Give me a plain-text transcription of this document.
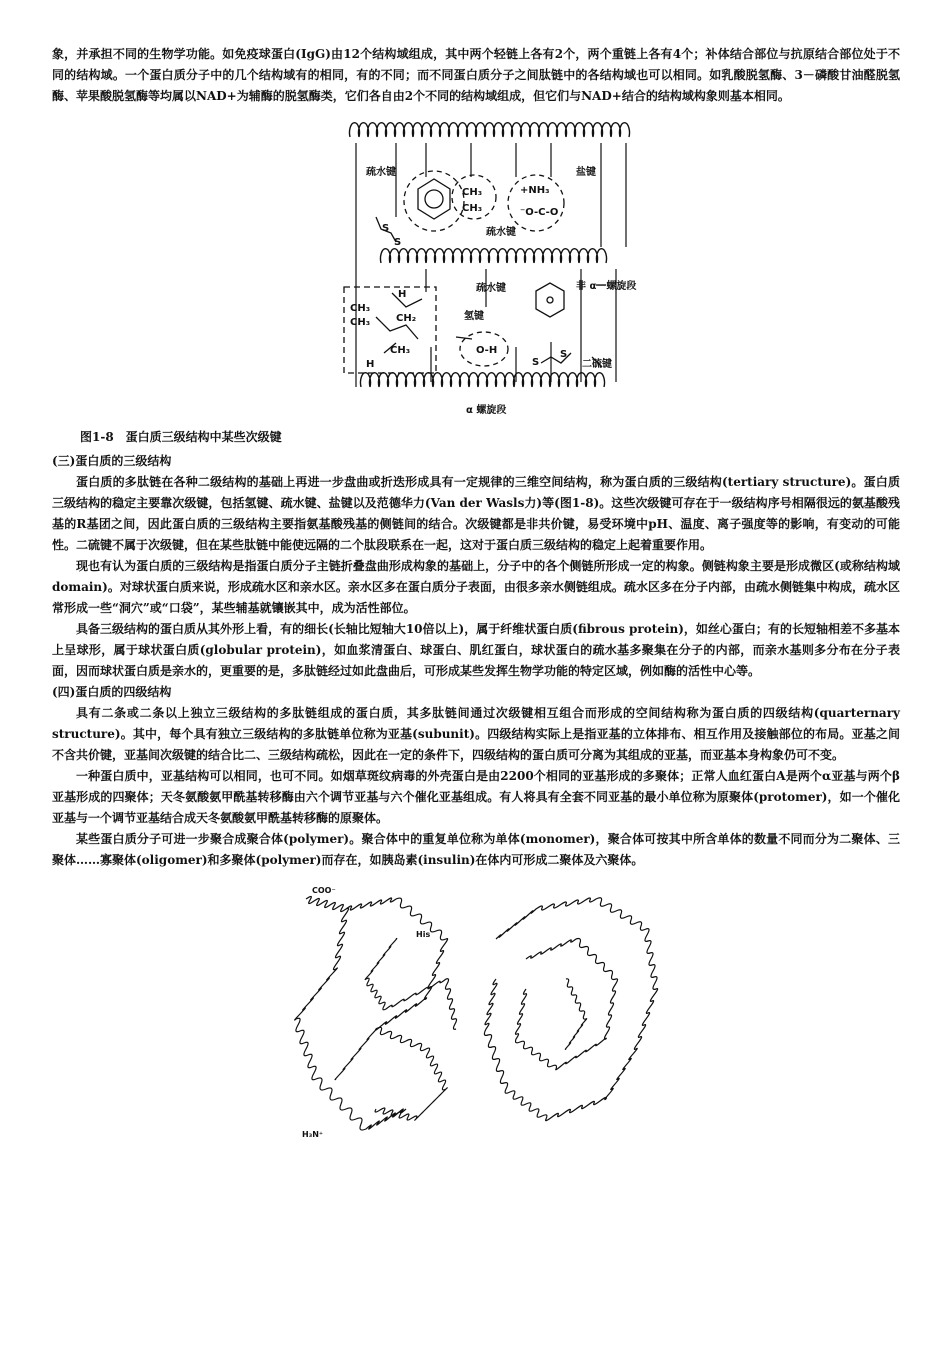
象，并承担不同的生物学功能。如免疫球蛋白(IgG)由12个结构域组成，其中两个轻链上各有2个，两个重链上各有4个；补体结合部位与抗原结合部位处于不同的结构域。一个蛋白质分子中的几个结构域有的相同，有的不同；而不同蛋白质分子之间肽链中的各结构域也可以相同。如乳酸脱氢酶、3－磷酸甘油醛脱氢酶、苹果酸脱氢酶等均属以NAD+为辅酶的脱氢酶类，它们各自由2个不同的结构域组成，但它们与NAD+结合的结构域构象则基本相同。

疏水键	盐键
CH₃
CH₃
+NH₃
⁻O-C-O
疏水键
S
S
非 α－螺旋段
疏水键
氢键
CH₃
CH₃	CH₂
H
H
CH₃	O-H
二硫键
α 螺旋段
S
S
图1-8　蛋白质三级结构中某些次级键
(三)蛋白质的三级结构

蛋白质的多肽链在各种二级结构的基础上再进一步盘曲或折迭形成具有一定规律的三维空间结构，称为蛋白质的三级结构(tertiary structure)。蛋白质三级结构的稳定主要靠次级键，包括氢键、疏水键、盐键以及范德华力(Van der Wasls力)等(图1-8)。这些次级键可存在于一级结构序号相隔很远的氨基酸残基的R基团之间，因此蛋白质的三级结构主要指氨基酸残基的侧链间的结合。次级键都是非共价键，易受环境中pH、温度、离子强度等的影响，有变动的可能性。二硫键不属于次级键，但在某些肽链中能使远隔的二个肽段联系在一起，这对于蛋白质三级结构的稳定上起着重要作用。

现也有认为蛋白质的三级结构是指蛋白质分子主链折叠盘曲形成构象的基础上，分子中的各个侧链所形成一定的构象。侧链构象主要是形成微区(或称结构域domain)。对球状蛋白质来说，形成疏水区和亲水区。亲水区多在蛋白质分子表面，由很多亲水侧链组成。疏水区多在分子内部，由疏水侧链集中构成，疏水区常形成一些“洞穴”或“口袋”，某些辅基就镶嵌其中，成为活性部位。

具备三级结构的蛋白质从其外形上看，有的细长(长轴比短轴大10倍以上)，属于纤维状蛋白质(fibrous protein)，如丝心蛋白；有的长短轴相差不多基本上呈球形，属于球状蛋白质(globular protein)，如血浆清蛋白、球蛋白、肌红蛋白，球状蛋白的疏水基多聚集在分子的内部，而亲水基则多分布在分子表面，因而球状蛋白质是亲水的，更重要的是，多肽链经过如此盘曲后，可形成某些发挥生物学功能的特定区域，例如酶的活性中心等。

(四)蛋白质的四级结构

具有二条或二条以上独立三级结构的多肽链组成的蛋白质，其多肽链间通过次级键相互组合而形成的空间结构称为蛋白质的四级结构(quarternary structure)。其中，每个具有独立三级结构的多肽链单位称为亚基(subunit)。四级结构实际上是指亚基的立体排布、相互作用及接触部位的布局。亚基之间不含共价键，亚基间次级键的结合比二、三级结构疏松，因此在一定的条件下，四级结构的蛋白质可分离为其组成的亚基，而亚基本身构象仍可不变。

一种蛋白质中，亚基结构可以相同，也可不同。如烟草斑纹病毒的外壳蛋白是由2200个相同的亚基形成的多聚体；正常人血红蛋白A是两个α亚基与两个β亚基形成的四聚体；天冬氨酸氨甲酰基转移酶由六个调节亚基与六个催化亚基组成。有人将具有全套不同亚基的最小单位称为原聚体(protomer)，如一个催化亚基与一个调节亚基结合成天冬氨酸氨甲酰基转移酶的原聚体。

某些蛋白质分子可进一步聚合成聚合体(polymer)。聚合体中的重复单位称为单体(monomer)，聚合体可按其中所含单体的数量不同而分为二聚体、三聚体……寡聚体(oligomer)和多聚体(polymer)而存在，如胰岛素(insulin)在体内可形成二聚体及六聚体。

COO⁻
His
H₃N⁺
